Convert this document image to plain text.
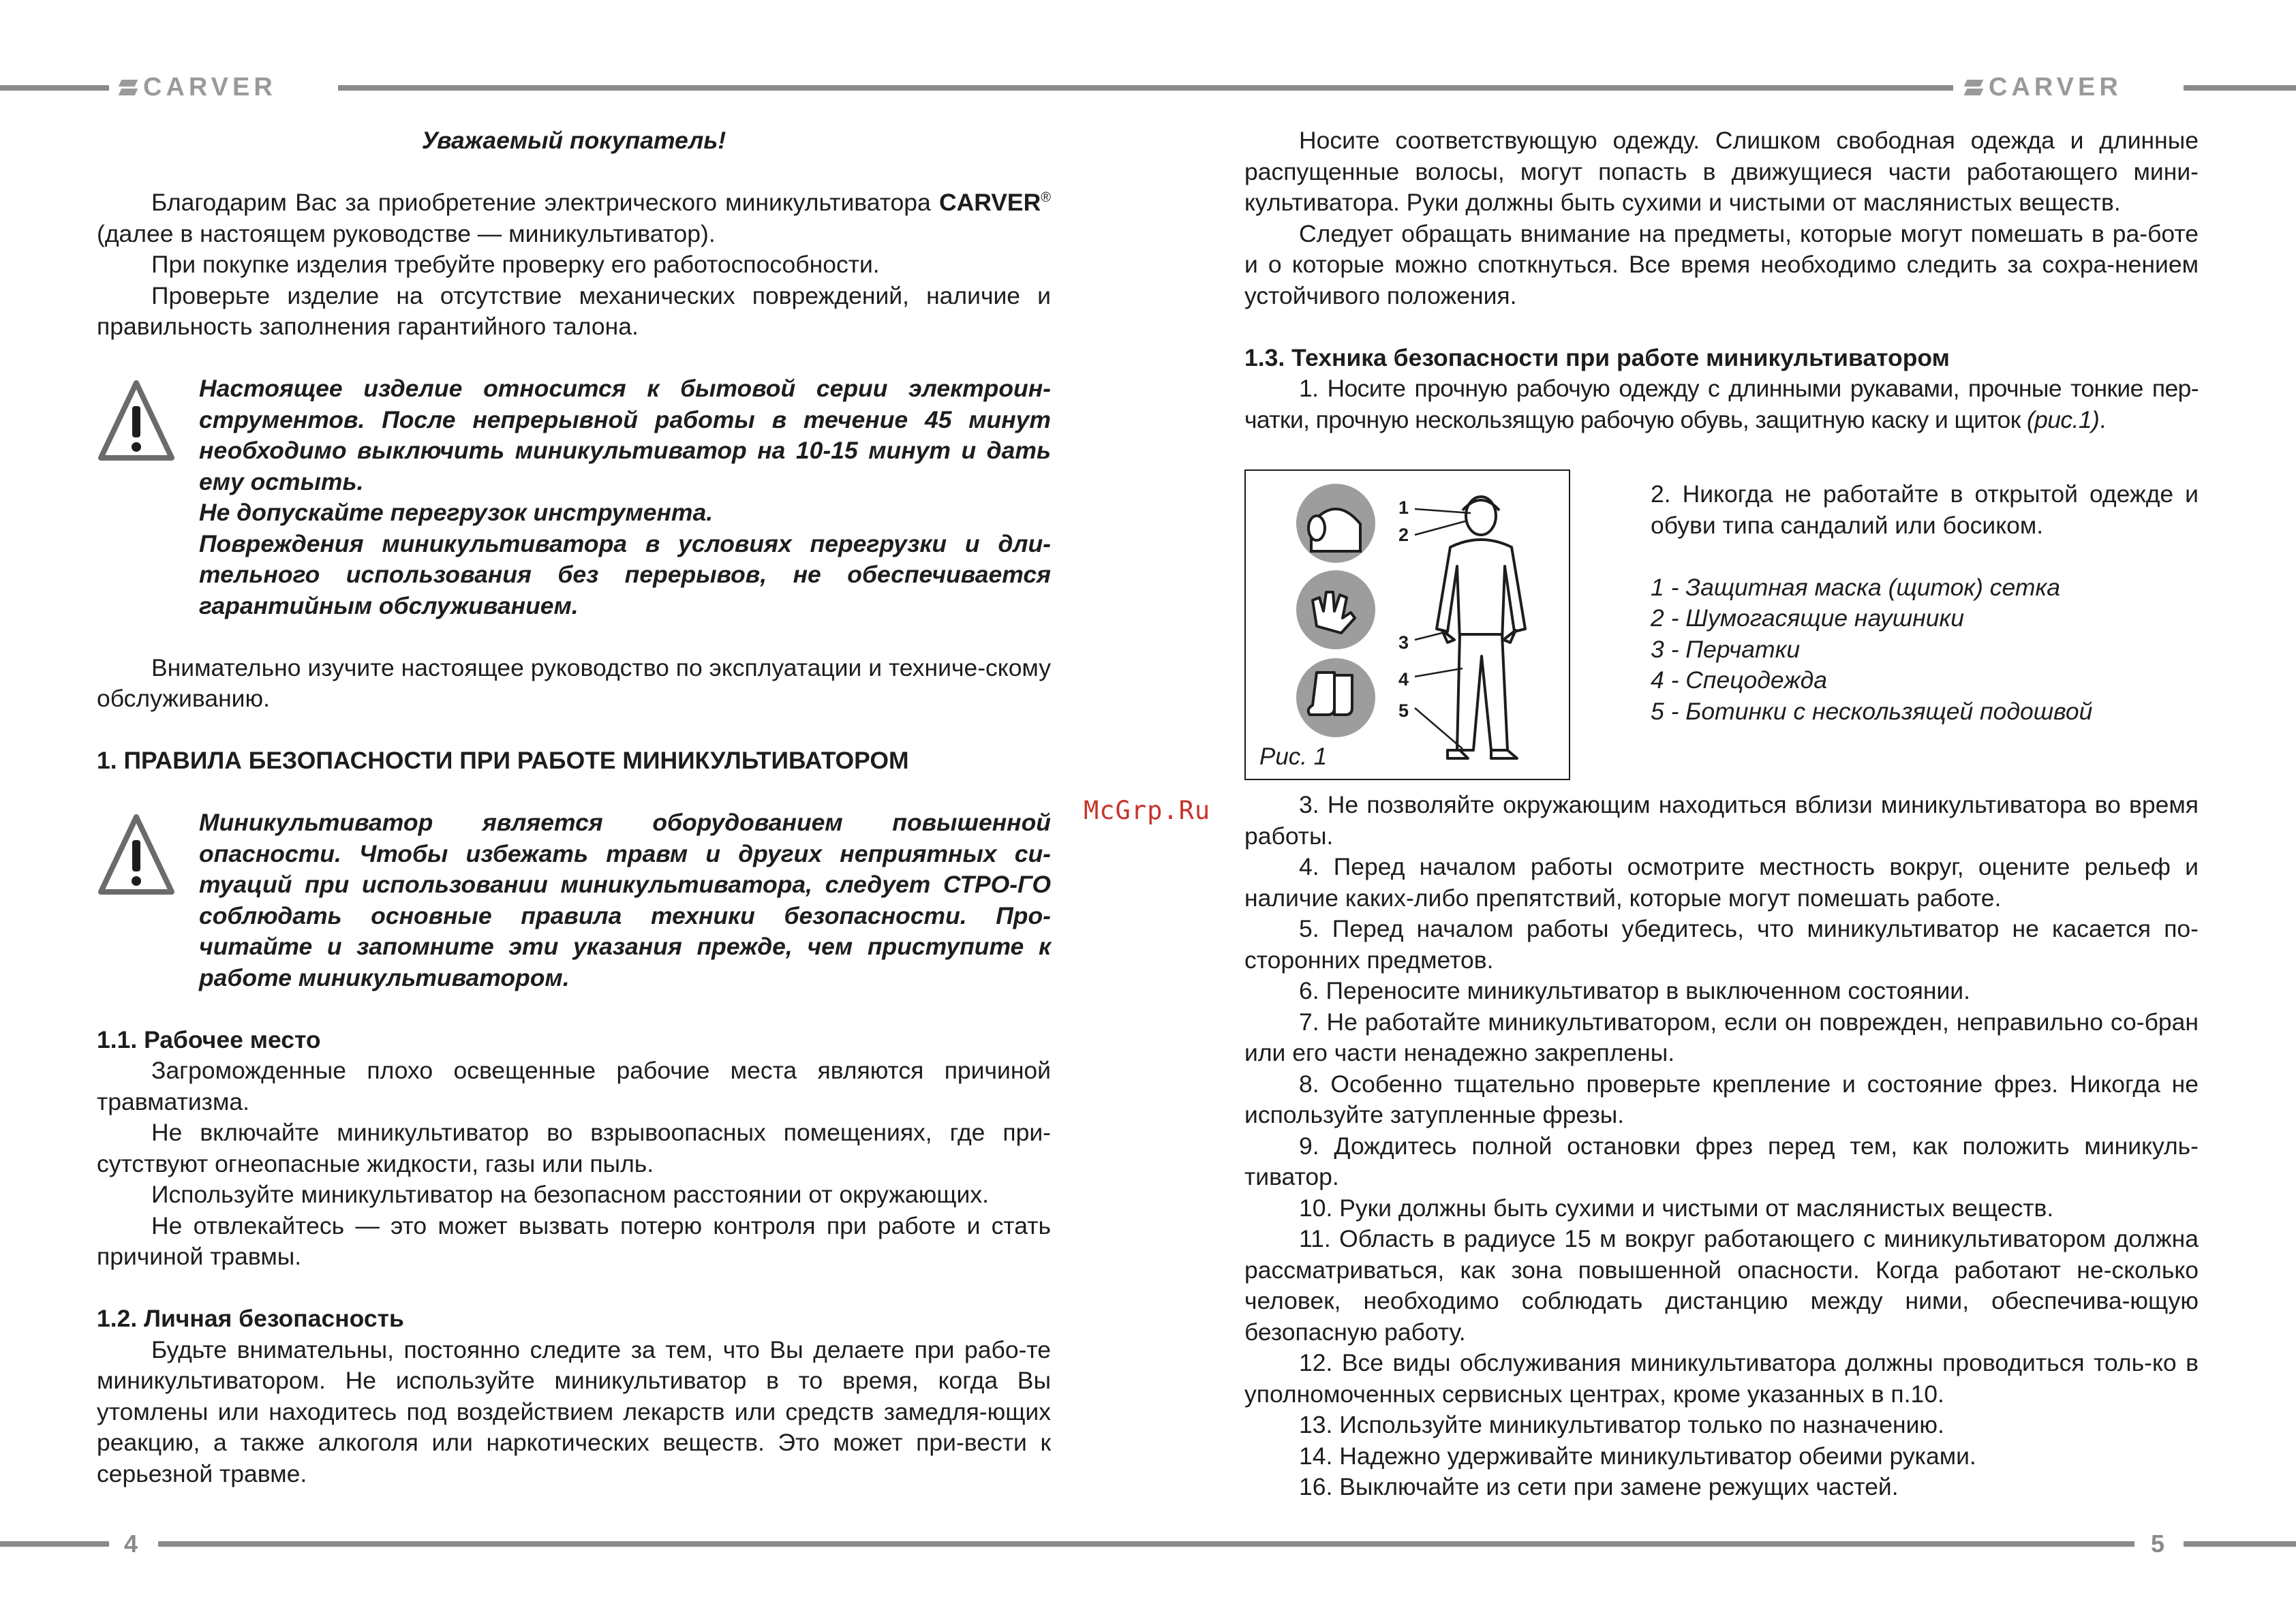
CARVER

Уважаемый покупатель!

Благодарим Вас за приобретение электрического миникультиватора CARVER® (далее в настоящем руководстве — миникультиватор).

При покупке изделия требуйте проверку его работоспособности.

Проверьте изделие на отсутствие механических повреждений, наличие и правильность заполнения гарантийного талона.

Настоящее изделие относится к бытовой серии электроин-струментов. После непрерывной работы в течение 45 минут необходимо выключить миникультиватор на 10-15 минут и дать ему остыть.

Не допускайте перегрузок инструмента.

Повреждения миникультиватора в условиях перегрузки и дли-тельного использования без перерывов, не обеспечивается гарантийным обслуживанием.

Внимательно изучите настоящее руководство по эксплуатации и техниче-скому обслуживанию.

1. ПРАВИЛА БЕЗОПАСНОСТИ ПРИ РАБОТЕ МИНИКУЛЬТИВАТОРОМ

Миникультиватор является оборудованием повышенной опасности. Чтобы избежать травм и других неприятных си-туаций при использовании миникультиватора, следует СТРО-ГО соблюдать основные правила техники безопасности. Про-читайте и запомните эти указания прежде, чем приступите к работе миникультиватором.

1.1. Рабочее место

Загроможденные плохо освещенные рабочие места являются причиной травматизма.

Не включайте миникультиватор во взрывоопасных помещениях, где при-сутствуют огнеопасные жидкости, газы или пыль.

Используйте миникультиватор на безопасном расстоянии от окружающих.

Не отвлекайтесь — это может вызвать потерю контроля при работе и стать причиной травмы.

1.2. Личная безопасность

Будьте внимательны, постоянно следите за тем, что Вы делаете при рабо-те миникультиватором. Не используйте миникультиватор в то время, когда Вы утомлены или находитесь под воздействием лекарств или средств замедля-ющих реакцию, а также алкоголя или наркотических веществ. Это может при-вести к серьезной травме.

4
McGrp.Ru
CARVER

Носите соответствующую одежду. Слишком свободная одежда и длинные распущенные волосы, могут попасть в движущиеся части работающего мини-культиватора. Руки должны быть сухими и чистыми от маслянистых веществ.

Следует обращать внимание на предметы, которые могут помешать в ра-боте и о которые можно споткнуться. Все время необходимо следить за сохра-нением устойчивого положения.

1.3. Техника безопасности при работе миникультиватором

1. Носите прочную рабочую одежду с длинными рукавами, прочные тонкие пер-чатки, прочную нескользящую рабочую обувь, защитную каску и щиток (рис.1).

1
2
3
4
5
Рис. 1

2. Никогда не работайте в открытой одежде и обуви типа сандалий или босиком.

1 - Защитная маска (щиток) сетка

2 - Шумогасящие наушники

3 - Перчатки

4 - Спецодежда

5 - Ботинки с нескользящей подошвой

3. Не позволяйте окружающим находиться вблизи миникультиватора во время работы.

4. Перед началом работы осмотрите местность вокруг, оцените рельеф и наличие каких-либо препятствий, которые могут помешать работе.

5. Перед началом работы убедитесь, что миникультиватор не касается по-сторонних предметов.

6. Переносите миникультиватор в выключенном состоянии.

7. Не работайте миникультиватором, если он поврежден, неправильно со-бран или его части ненадежно закреплены.

8. Особенно тщательно проверьте крепление и состояние фрез. Никогда не используйте затупленные фрезы.

9. Дождитесь полной остановки фрез перед тем, как положить миникуль-тиватор.

10. Руки должны быть сухими и чистыми от маслянистых веществ.

11. Область в радиусе 15 м вокруг работающего с миникультиватором должна рассматриваться, как зона повышенной опасности. Когда работают не-сколько человек, необходимо соблюдать дистанцию между ними, обеспечива-ющую безопасную работу.

12. Все виды обслуживания миникультиватора должны проводиться толь-ко в уполномоченных сервисных центрах, кроме указанных в п.10.

13. Используйте миникультиватор только по назначению.

14. Надежно удерживайте миникультиватор обеими руками.

16. Выключайте из сети при замене режущих частей.

5
